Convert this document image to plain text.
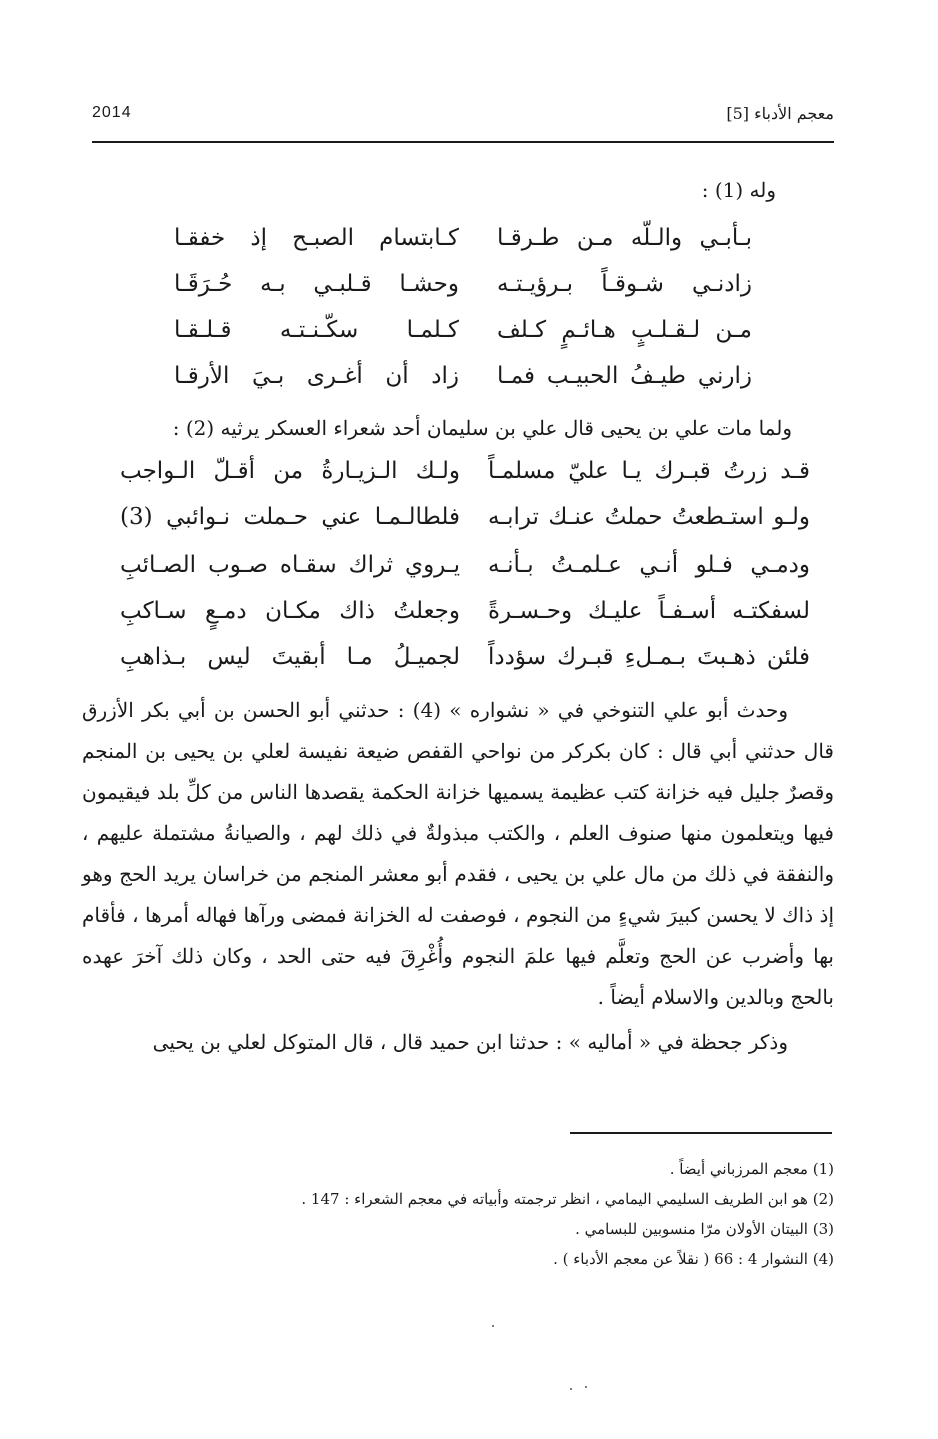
2014	معجم الأدباء [5]
وله (1) :
بـأبـي والـلّه مـن طـرقـا
كـابتسام الصبـح إذ خفقـا
زادنـي شـوقـاً بـرؤيـتـه
وحشـا قـلبـي بـه حُـرَقَـا
مـن لـقـلـبٍ هـائـمٍ كـلف
كـلمـا سكّـنـتـه قـلـقـا
زارني طيـفُ الحبيـب فمـا
زاد أن أغـرى بـيَ الأرقـا

ولما مات علي بن يحيى قال علي بن سليمان أحد شعراء العسكر يرثيه (2) :

قـد زرتُ قبـرك يـا عليّ مسلمـاً
ولـك الـزيـارةُ من أقـلّ الـواجب
ولـو استـطعتُ حملتُ عنـك ترابـه
فلطالـمـا عني حـملت نـوائبي (3)
ودمـي فـلو أنـي عـلمـتُ بـأنـه
يـروي ثراك سقـاه صـوب الصـائبِ
لسفكتـه أسـفـاً عليـك وحـسـرةً
وجعلتُ ذاك مكـان دمـعٍ سـاكبِ
فلئن ذهـبتَ بـمـلءِ قبـرك سؤدداً
لجميـلُ مـا أبقيتَ ليس بـذاهبِ

وحدث أبو علي التنوخي في « نشواره » (4) : حدثني أبو الحسن بن أبي بكر الأزرق قال حدثني أبي قال : كان بكركر من نواحي القفص ضيعة نفيسة لعلي بن يحيى بن المنجم وقصرٌ جليل فيه خزانة كتب عظيمة يسميها خزانة الحكمة يقصدها الناس من كلِّ بلد فيقيمون فيها ويتعلمون منها صنوف العلم ، والكتب مبذولةٌ في ذلك لهم ، والصيانةُ مشتملة عليهم ، والنفقة في ذلك من مال علي بن يحيى ، فقدم أبو معشر المنجم من خراسان يريد الحج وهو إذ ذاك لا يحسن كبيرَ شيءٍ من النجوم ، فوصفت له الخزانة فمضى ورآها فهاله أمرها ، فأقام بها وأضرب عن الحج وتعلَّم فيها علمَ النجوم وأُغْرِقَ فيه حتى الحد ، وكان ذلك آخرَ عهده بالحج وبالدين والاسلام أيضاً .

وذكر جحظة في « أماليه » : حدثنا ابن حميد قال ، قال المتوكل لعلي بن يحيى

(1) معجم المرزباني أيضاً .
(2) هو ابن الطريف السليمي اليمامي ، انظر ترجمته وأبياته في معجم الشعراء : 147 .
(3) البيتان الأولان مرّا منسوبين للبسامي .
(4) النشوار 4 : 66 ( نقلاً عن معجم الأدباء ) .
